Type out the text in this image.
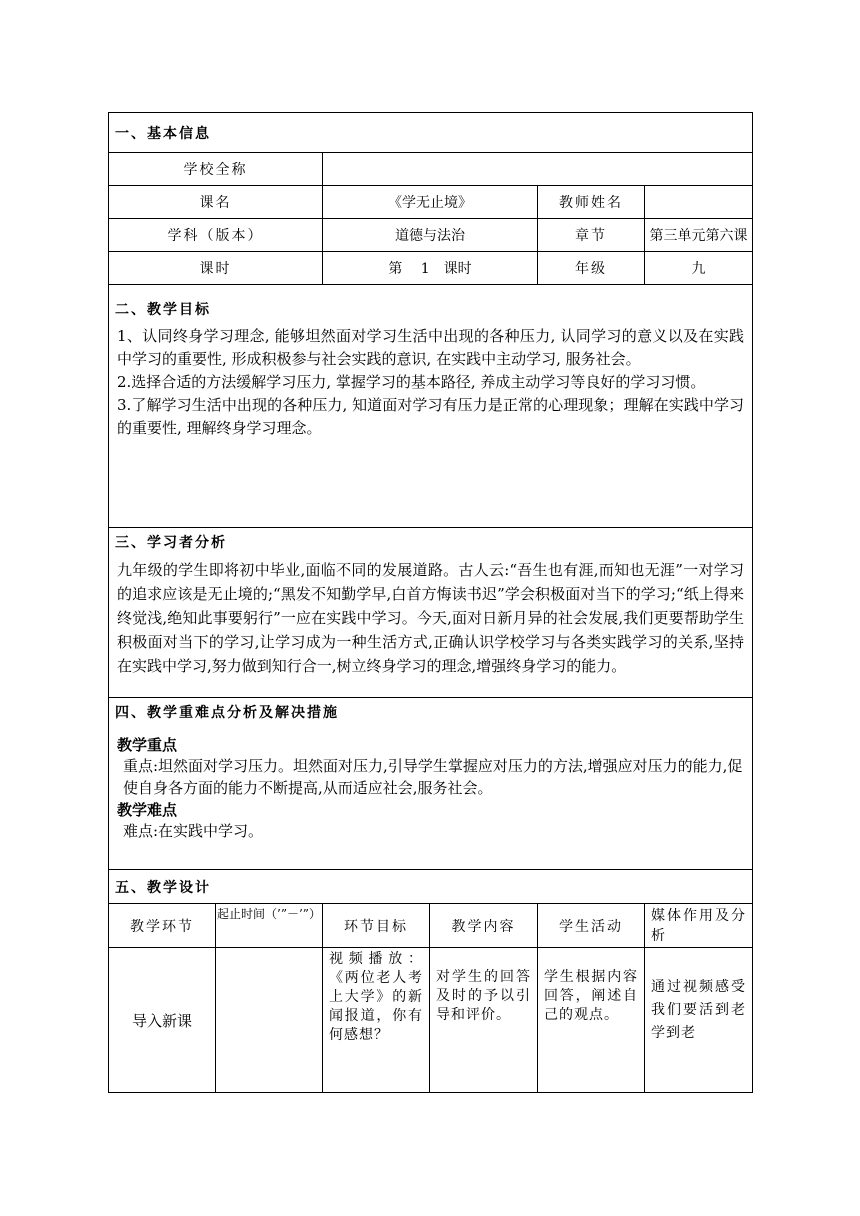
一、基本信息					
学校全称					
课名		《学无止境》		教师姓名	
学科（版本）		道德与法治		章节	第三单元第六课
课时		第　 1　课时		年级	九

二、教学目标

1、认同终身学习理念, 能够坦然面对学习生活中出现的各种压力, 认同学习的意义以及在实践中学习的重要性, 形成积极参与社会实践的意识, 在实践中主动学习, 服务社会。

2.选择合适的方法缓解学习压力, 掌握学习的基本路径, 养成主动学习等良好的学习习惯。

3.了解学习生活中出现的各种压力, 知道面对学习有压力是正常的心理现象；理解在实践中学习的重要性, 理解终身学习理念。					

三、学习者分析
九年级的学生即将初中毕业,面临不同的发展道路。古人云:“吾生也有涯,而知也无涯”一对学习的追求应该是无止境的;“黑发不知勤学早,白首方悔读书迟”学会积极面对当下的学习;“纸上得来终觉浅,绝知此事要躬行”一应在实践中学习。今天,面对日新月异的社会发展,我们更要帮助学生积极面对当下的学习,让学习成为一种生活方式,正确认识学校学习与各类实践学习的关系,坚持在实践中学习,努力做到知行合一,树立终身学习的理念,增强终身学习的能力。					

四、教学重难点分析及解决措施
教学重点
重点:坦然面对学习压力。坦然面对压力,引导学生掌握应对压力的方法,增强应对压力的能力,促使自身各方面的能力不断提高,从而适应社会,服务社会。
教学难点
难点:在实践中学习。					

五、教学设计					
教学环节	起止时间（’”－’”）	环节目标	教学内容	学生活动	媒体作用及分析
导入新课		视频播放：《两位老人考上大学》的新闻报道，你有何感想？	对学生的回答及时的予以引导和评价。	学生根据内容回答，阐述自己的观点。	通过视频感受我们要活到老学到老
